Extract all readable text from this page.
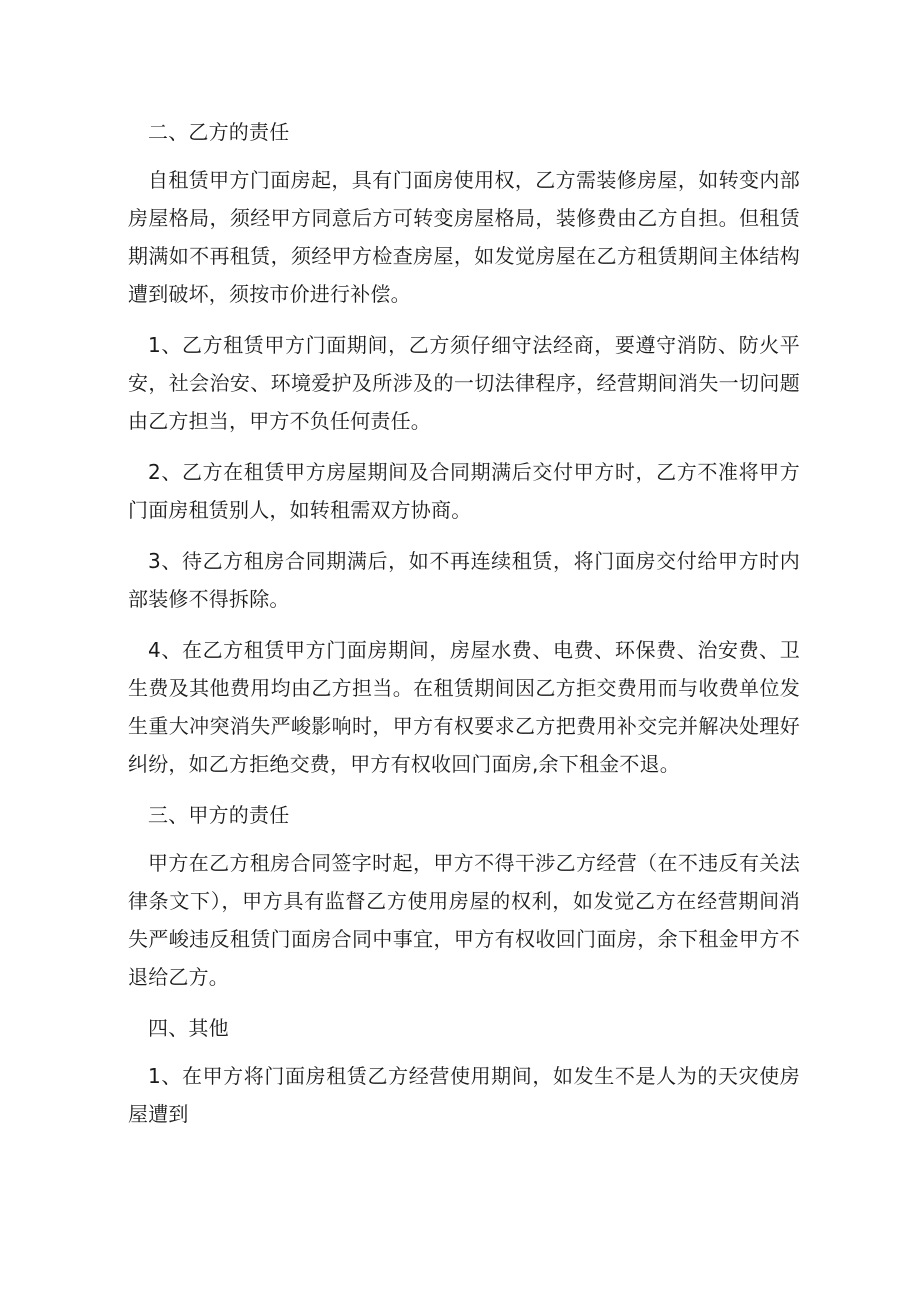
二、乙方的责任

自租赁甲方门面房起，具有门面房使用权，乙方需装修房屋，如转变内部房屋格局，须经甲方同意后方可转变房屋格局，装修费由乙方自担。但租赁期满如不再租赁，须经甲方检查房屋，如发觉房屋在乙方租赁期间主体结构遭到破坏，须按市价进行补偿。

1、乙方租赁甲方门面期间，乙方须仔细守法经商，要遵守消防、防火平安，社会治安、环境爱护及所涉及的一切法律程序，经营期间消失一切问题由乙方担当，甲方不负任何责任。

2、乙方在租赁甲方房屋期间及合同期满后交付甲方时，乙方不准将甲方门面房租赁别人，如转租需双方协商。

3、待乙方租房合同期满后，如不再连续租赁，将门面房交付给甲方时内部装修不得拆除。

4、在乙方租赁甲方门面房期间，房屋水费、电费、环保费、治安费、卫生费及其他费用均由乙方担当。在租赁期间因乙方拒交费用而与收费单位发生重大冲突消失严峻影响时，甲方有权要求乙方把费用补交完并解决处理好纠纷，如乙方拒绝交费，甲方有权收回门面房,余下租金不退。

三、甲方的责任

甲方在乙方租房合同签字时起，甲方不得干涉乙方经营（在不违反有关法律条文下），甲方具有监督乙方使用房屋的权利，如发觉乙方在经营期间消失严峻违反租赁门面房合同中事宜，甲方有权收回门面房，余下租金甲方不退给乙方。

四、其他

1、在甲方将门面房租赁乙方经营使用期间，如发生不是人为的天灾使房屋遭到
